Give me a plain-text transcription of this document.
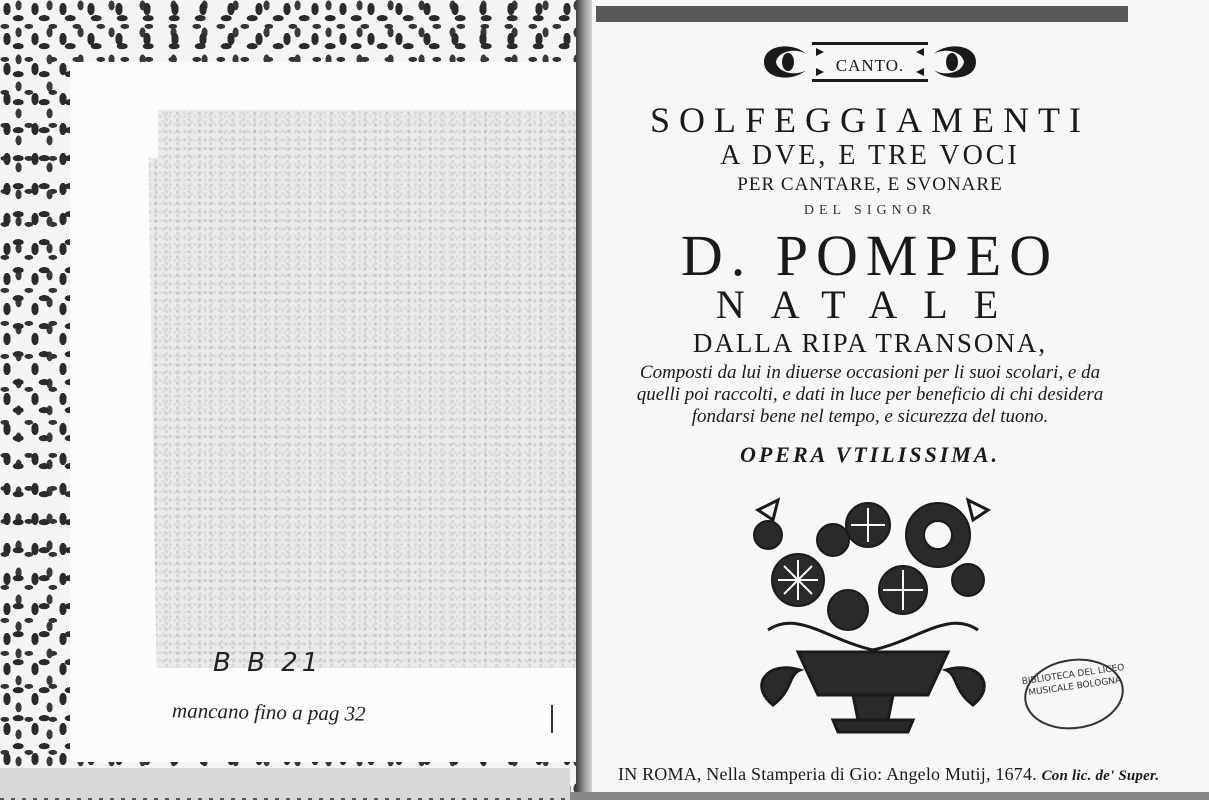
B B 21
mancano fino a pag 32
CANTO.
SOLFEGGIAMENTI
A DVE, E TRE VOCI
PER CANTARE, E SVONARE
DEL SIGNOR
D. POMPEO
NATALE
DALLA RIPA TRANSONA,
Composti da lui in diuerse occasioni per li suoi scolari, e da quelli poi raccolti, e dati in luce per beneficio di chi desidera fondarsi bene nel tempo, e sicurezza del tuono.
OPERA VTILISSIMA.
BIBLIOTECA DEL LICEO MUSICALE BOLOGNA
IN ROMA, Nella Stamperia di Gio: Angelo Mutij, 1674. Con lic. de' Super.
